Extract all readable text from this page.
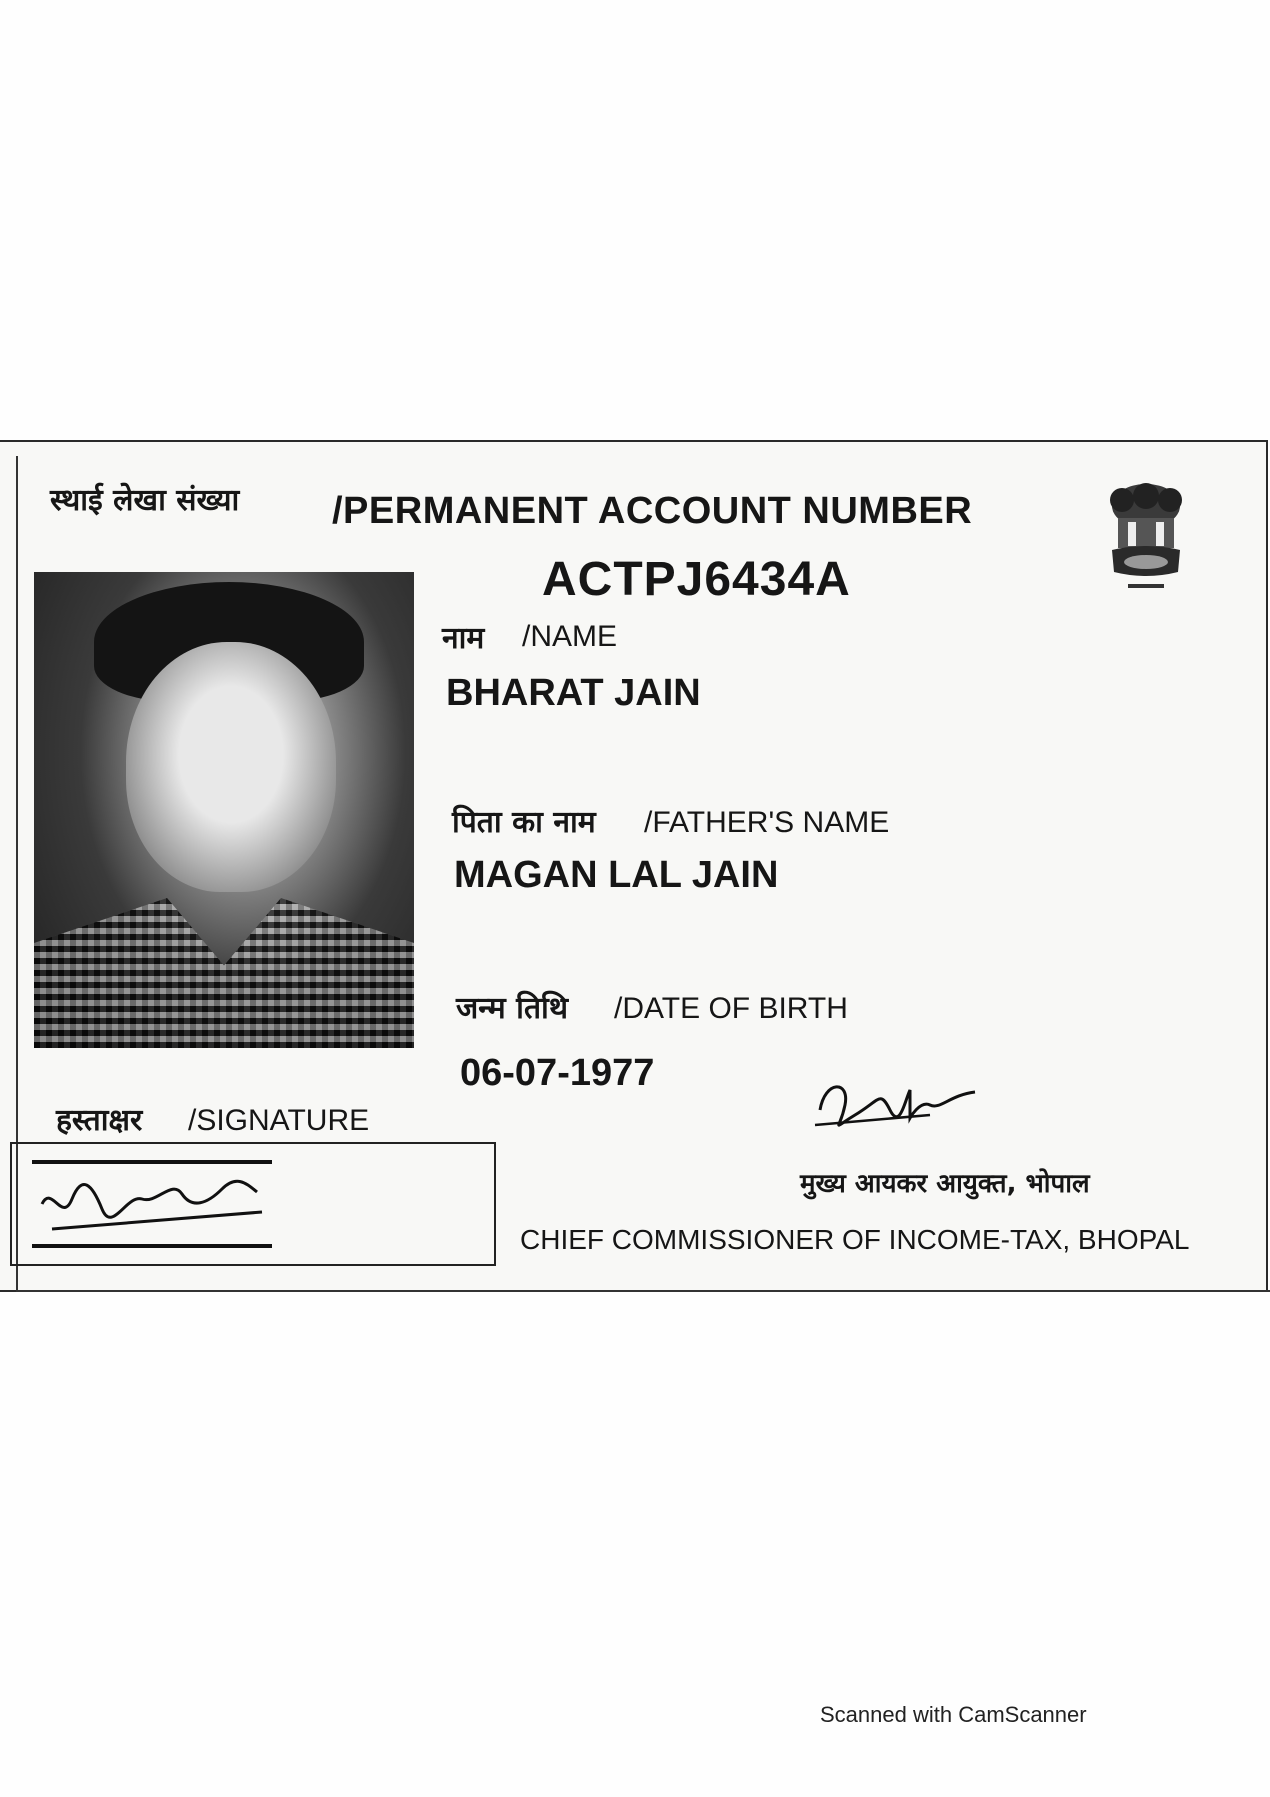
स्थाई लेखा संख्या /PERMANENT ACCOUNT NUMBER
ACTPJ6434A
नाम /NAME
BHARAT JAIN
पिता का नाम /FATHER'S NAME
MAGAN LAL JAIN
जन्म तिथि /DATE OF BIRTH
06-07-1977
हस्ताक्षर /SIGNATURE
मुख्य आयकर आयुक्त, भोपाल
CHIEF COMMISSIONER OF INCOME-TAX, BHOPAL
Scanned with CamScanner
